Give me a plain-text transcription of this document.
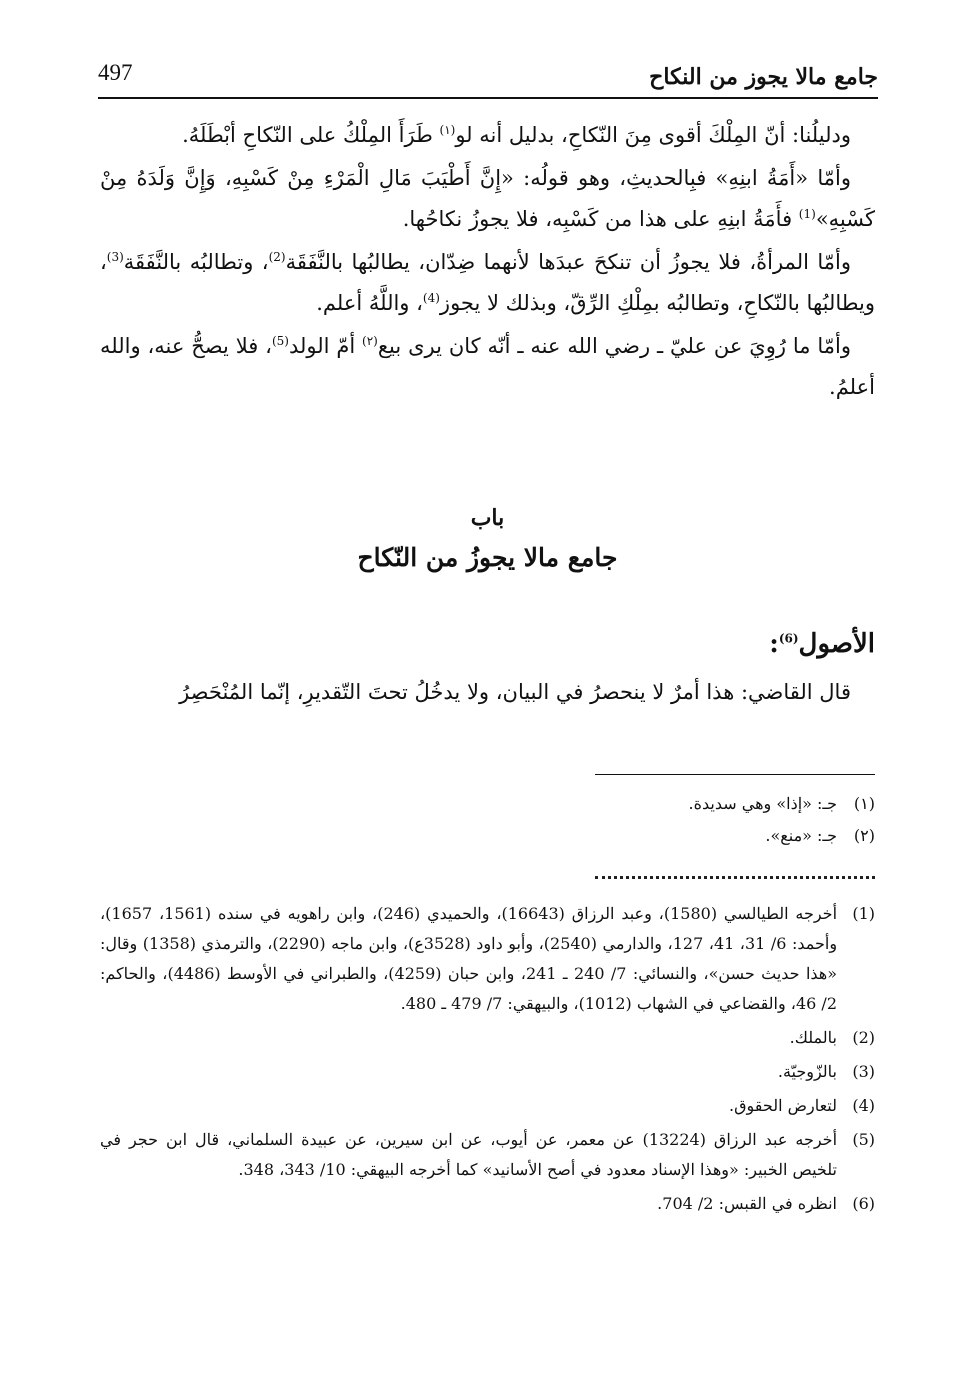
جامع مالا يجوز من النكاح
497

ودليلُنا: أنّ المِلْكَ أقوى مِنَ النّكاحِ، بدليل أنه لو$^{(١)}$ طَرَأَ المِلْكُ على النّكاحِ أبْطَلَهُ.

وأمّا «أَمَةُ ابنِهِ» فبِالحديثِ، وهو قولُه: «إِنَّ أَطْيَبَ مَالِ الْمَرْءِ مِنْ كَسْبِهِ، وَإِنَّ وَلَدَهُ مِنْ كَسْبِهِ»$^{(1)}$ فأَمَةُ ابنِهِ على هذا من كَسْبِه، فلا يجوزُ نكاحُها.

وأمّا المرأةُ، فلا يجوزُ أن تنكحَ عبدَها لأنهما ضِدّان، يطالبُها بالنَّفَقَة$^{(2)}$، وتطالبُه بالنَّفَقَة$^{(3)}$، ويطالبُها بالنّكاحِ، وتطالبُه بمِلْكِ الرِّقّ، وبذلك لا يجوز$^{(4)}$، واللَّهُ أعلم.

وأمّا ما رُوِيَ عن عليّ ـ رضي الله عنه ـ أنّه كان يرى بيع$^{(٢)}$ أمّ الولد$^{(5)}$، فلا يصحُّ عنه، والله أعلمُ.

باب
جامع مالا يجوزُ من النّكاح
الأصول$^{(6)}$:

قال القاضي: هذا أمرٌ لا ينحصرُ في البيان، ولا يدخُلُ تحتَ التّقديرِ، إنّما المُنْحَصِرُ

(١)
جـ: «إذا» وهي سديدة.
(٢)
جـ: «منع».
(1)
أخرجه الطيالسي (1580)، وعبد الرزاق (16643)، والحميدي (246)، وابن راهويه في سنده (1561، 1657)، وأحمد: 6/ 31، 41، 127، والدارمي (2540)، وأبو داود (3528ع)، وابن ماجه (2290)، والترمذي (1358) وقال: «هذا حديث حسن»، والنسائي: 7/ 240 ـ 241، وابن حبان (4259)، والطبراني في الأوسط (4486)، والحاكم: 2/ 46، والقضاعي في الشهاب (1012)، والبيهقي: 7/ 479 ـ 480.
(2)
بالملك.
(3)
بالزّوجيّة.
(4)
لتعارض الحقوق.
(5)
أخرجه عبد الرزاق (13224) عن معمر، عن أيوب، عن ابن سيرين، عن عبيدة السلماني، قال ابن حجر في تلخيص الخبير: «وهذا الإسناد معدود في أصح الأسانيد» كما أخرجه البيهقي: 10/ 343، 348.
(6)
انظره في القبس: 2/ 704.
